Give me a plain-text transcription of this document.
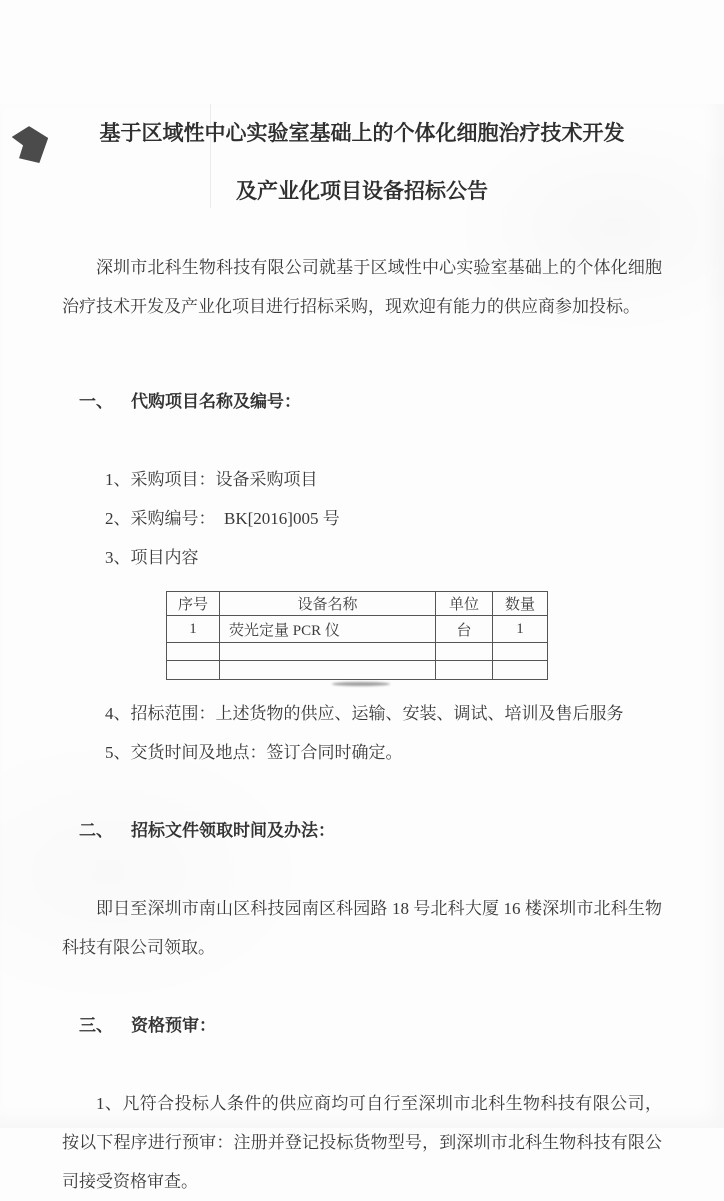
基于区域性中心实验室基础上的个体化细胞治疗技术开发
及产业化项目设备招标公告

深圳市北科生物科技有限公司就基于区域性中心实验室基础上的个体化细胞治疗技术开发及产业化项目进行招标采购，现欢迎有能力的供应商参加投标。

一、 代购项目名称及编号：

1、采购项目：设备采购项目
2、采购编号：  BK[2016]005 号
3、项目内容
序号	设备名称	单位	数量
1	荧光定量 PCR 仪	台	1

4、招标范围：上述货物的供应、运输、安装、调试、培训及售后服务
5、交货时间及地点：签订合同时确定。

二、 招标文件领取时间及办法：

即日至深圳市南山区科技园南区科园路 18 号北科大厦 16 楼深圳市北科生物科技有限公司领取。

三、 资格预审：

1、凡符合投标人条件的供应商均可自行至深圳市北科生物科技有限公司，按以下程序进行预审：注册并登记投标货物型号，到深圳市北科生物科技有限公司接受资格审查。
